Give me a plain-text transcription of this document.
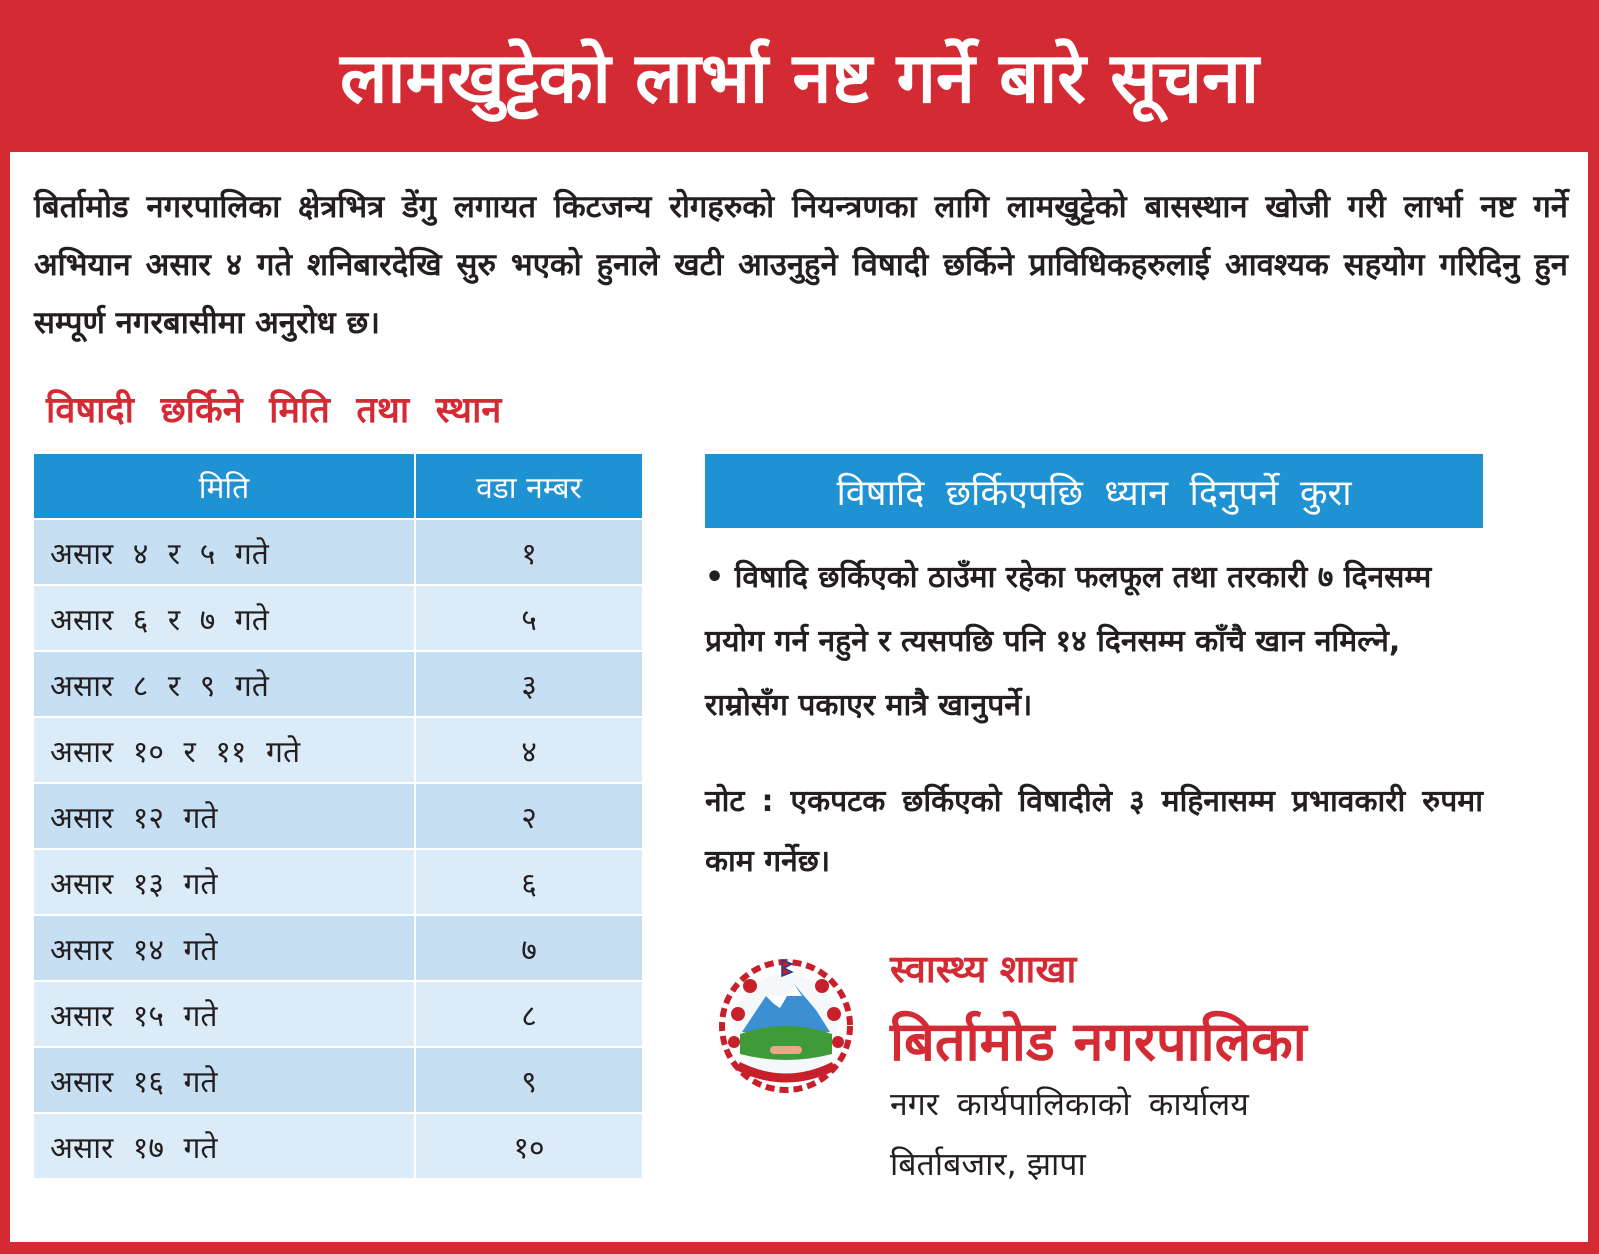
लामखुट्टेको लार्भा नष्ट गर्ने बारे सूचना

बिर्तामोड नगरपालिका क्षेत्रभित्र डेंगु लगायत किटजन्य रोगहरुको नियन्त्रणका लागि लामखुट्टेको बासस्थान खोजी गरी लार्भा नष्ट गर्ने अभियान असार ४ गते शनिबारदेखि सुरु भएको हुनाले खटी आउनुहुने विषादी छर्किने प्राविधिकहरुलाई आवश्यक सहयोग गरिदिनु हुन सम्पूर्ण नगरबासीमा अनुरोध छ।

विषादी छर्किने मिति तथा स्थान
मिति	वडा नम्बर
असार ४ र ५ गते	१
असार ६ र ७ गते	५
असार ८ र ९ गते	३
असार १० र ११ गते	४
असार १२ गते	२
असार १३ गते	६
असार १४ गते	७
असार १५ गते	८
असार १६ गते	९
असार १७ गते	१०
विषादि छर्किएपछि ध्यान दिनुपर्ने कुरा

• विषादि छर्किएको ठाउँमा रहेका फलफूल तथा तरकारी ७ दिनसम्म प्रयोग गर्न नहुने र त्यसपछि पनि १४ दिनसम्म काँचै खान नमिल्ने, राम्रोसँग पकाएर मात्रै खानुपर्ने।

नोट : एकपटक छर्किएको विषादीले ३ महिनासम्म प्रभावकारी रुपमा काम गर्नेछ।

स्वास्थ्य शाखा
बिर्तामोड नगरपालिका

नगर कार्यपालिकाको कार्यालय

बिर्ताबजार, झापा
